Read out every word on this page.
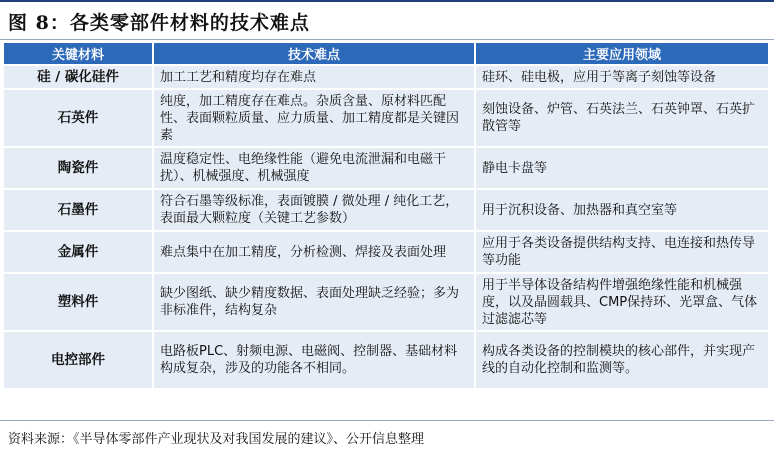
图 8：各类零部件材料的技术难点
关键材料	技术难点	主要应用领域
硅 / 碳化硅件	加工工艺和精度均存在难点	硅环、硅电极，应用于等离子刻蚀等设备
石英件	纯度，加工精度存在难点。杂质含量、原材料匹配性、表面颗粒质量、应力质量、加工精度都是关键因素	刻蚀设备、炉管、石英法兰、石英钟罩、石英扩散管等
陶瓷件	温度稳定性、电绝缘性能（避免电流泄漏和电磁干扰）、机械强度、机械强度	静电卡盘等
石墨件	符合石墨等级标准，表面镀膜 / 微处理 / 纯化工艺，表面最大颗粒度（关键工艺参数）	用于沉积设备、加热器和真空室等
金属件	难点集中在加工精度，分析检测、焊接及表面处理	应用于各类设备提供结构支持、电连接和热传导等功能
塑料件	缺少图纸、缺少精度数据、表面处理缺乏经验；多为非标准件，结构复杂	用于半导体设备结构件增强绝缘性能和机械强度，以及晶圆载具、CMP保持环、光罩盒、气体过滤滤芯等
电控部件	电路板PLC、射频电源、电磁阀、控制器、基础材料构成复杂，涉及的功能各不相同。	构成各类设备的控制模块的核心部件，并实现产线的自动化控制和监测等。
资料来源：《半导体零部件产业现状及对我国发展的建议》、公开信息整理
